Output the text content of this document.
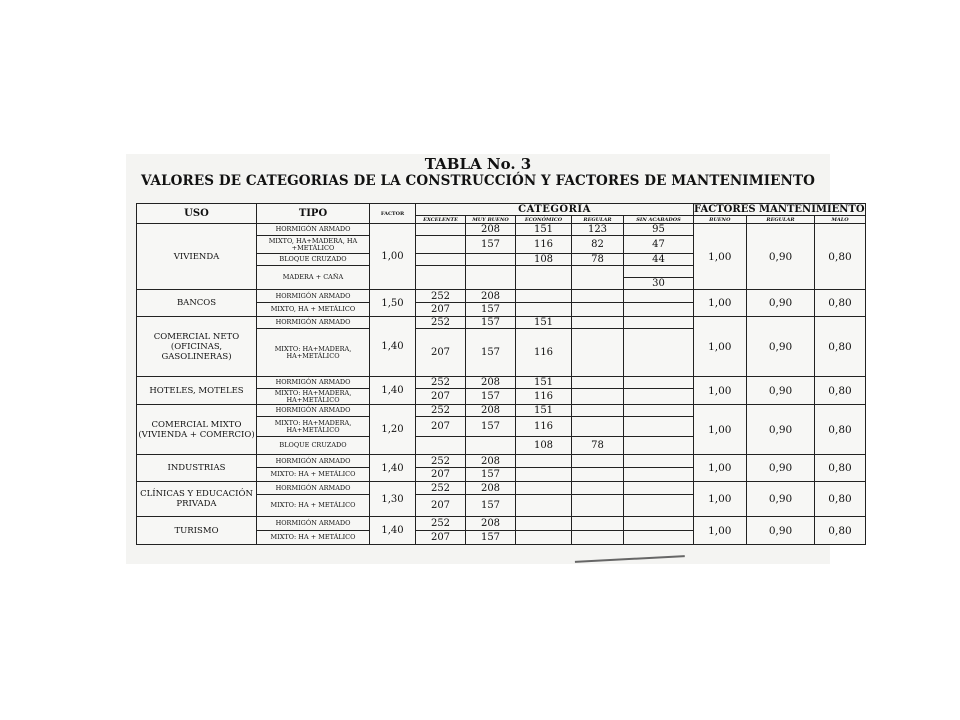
TABLA No. 3
VALORES DE CATEGORIAS DE LA CONSTRUCCIÓN Y FACTORES DE MANTENIMIENTO
USO	TIPO	FACTOR	CATEGORÍA					FACTORES MANTENIMIENTO		
			EXCELENTE	MUY BUENO	ECONÓMICO	REGULAR	SIN ACABADOS	BUENO	REGULAR	MALO
VIVIENDA	HORMIGÓN ARMADO	1,00		208	151	123	95	1,00	0,90	0,80
	MIXTO, HA+MADERA, HA +METÁLICO			157	116	82	47			
	BLOQUE CRUZADO				108	78	44			
	MADERA + CAÑA									
							30			
BANCOS	HORMIGÓN ARMADO	1,50	252	208				1,00	0,90	0,80
	MIXTO, HA + METÁLICO		207	157						
COMERCIAL NETO (OFICINAS, GASOLINERAS)	HORMIGÓN ARMADO	1,40	252	157	151			1,00	0,90	0,80
	MIXTO: HA+MADERA, HA+METÁLICO		207	157	116					
HOTELES, MOTELES	HORMIGÓN ARMADO	1,40	252	208	151			1,00	0,90	0,80
	MIXTO: HA+MADERA, HA+METÁLICO		207	157	116					
COMERCIAL MIXTO (VIVIENDA + COMERCIO)	HORMIGÓN ARMADO	1,20	252	208	151			1,00	0,90	0,80
	MIXTO: HA+MADERA, HA+METÁLICO		207	157	116					
	BLOQUE CRUZADO				108	78				
INDUSTRIAS	HORMIGÓN ARMADO	1,40	252	208				1,00	0,90	0,80
	MIXTO: HA + METÁLICO		207	157						
CLÍNICAS Y EDUCACIÓN PRIVADA	HORMIGÓN ARMADO	1,30	252	208				1,00	0,90	0,80
	MIXTO: HA + METÁLICO		207	157						
TURISMO	HORMIGÓN ARMADO	1,40	252	208				1,00	0,90	0,80
	MIXTO: HA + METÁLICO		207	157						
